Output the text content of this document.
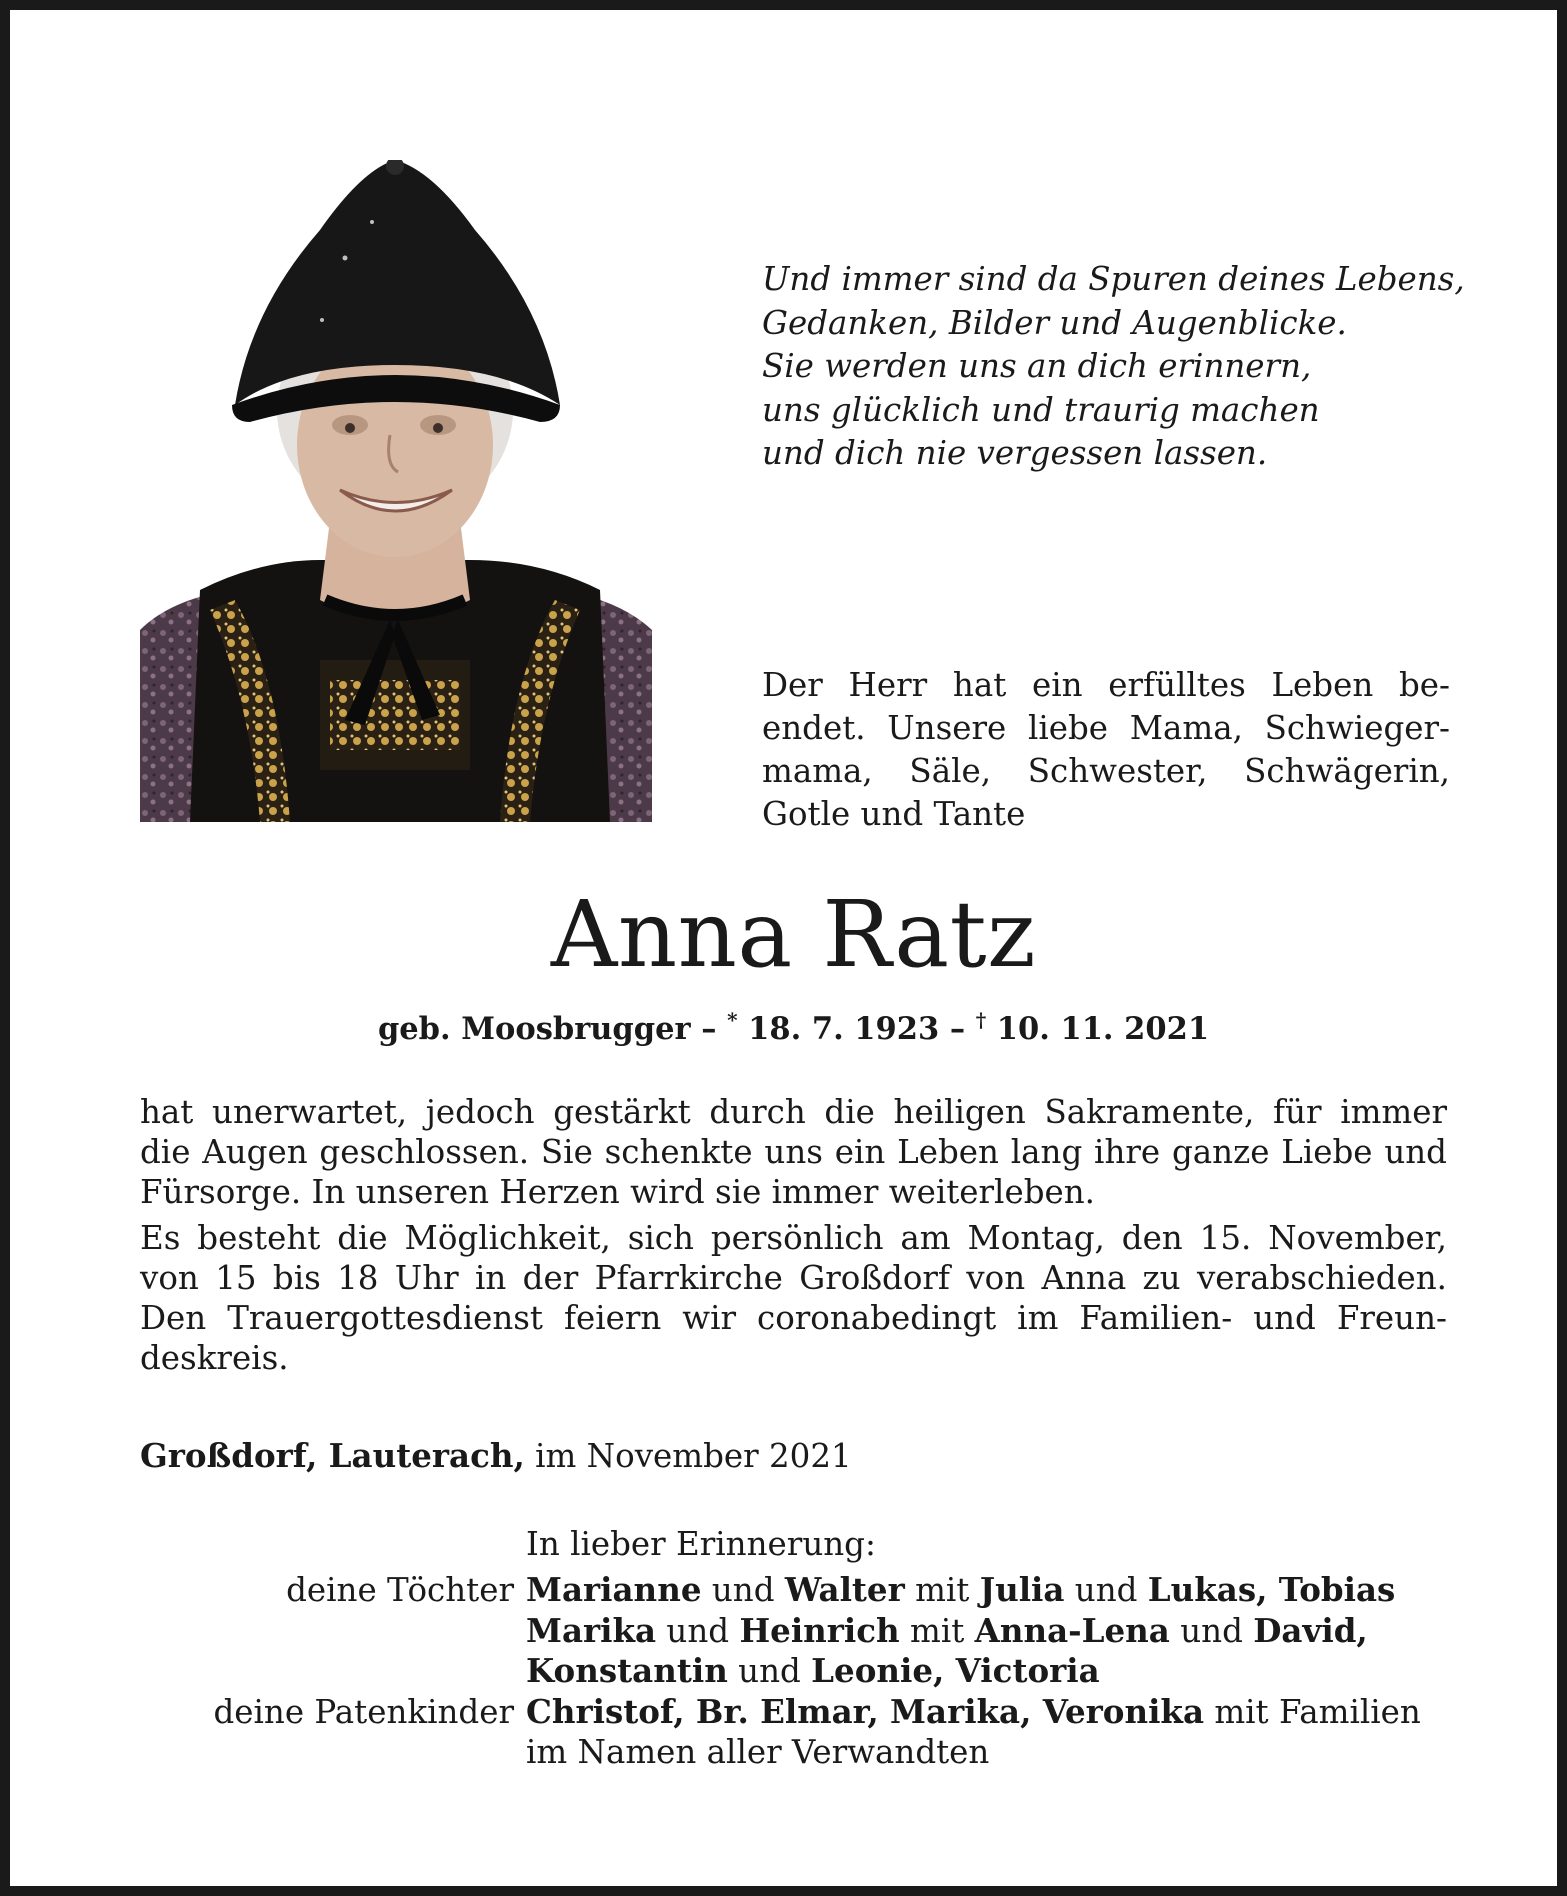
Und immer sind da Spuren deines Lebens,
Gedanken, Bilder und Augenblicke.
Sie werden uns an dich erinnern,
uns glücklich und traurig machen
und dich nie vergessen lassen.
Der Herr hat ein erfülltes Leben be-
endet. Unsere liebe Mama, Schwieger-
mama, Säle, Schwester, Schwägerin,
Gotle und Tante
Anna Ratz
geb. Moosbrugger – * 18. 7. 1923 – † 10. 11. 2021
hat unerwartet, jedoch gestärkt durch die heiligen Sakramente, für immer
die Augen geschlossen. Sie schenkte uns ein Leben lang ihre ganze Liebe und
Fürsorge. In unseren Herzen wird sie immer weiterleben.
Es besteht die Möglichkeit, sich persönlich am Montag, den 15. November,
von 15 bis 18 Uhr in der Pfarrkirche Großdorf von Anna zu verabschieden.
Den Trauergottesdienst feiern wir coronabedingt im Familien- und Freun-
deskreis.
Großdorf, Lauterach, im November 2021
In lieber Erinnerung:
deine Töchter Marianne und Walter mit Julia und Lukas, Tobias
Marika und Heinrich mit Anna-Lena und David,
Konstantin und Leonie, Victoria
deine Patenkinder Christof, Br. Elmar, Marika, Veronika mit Familien
im Namen aller Verwandten
